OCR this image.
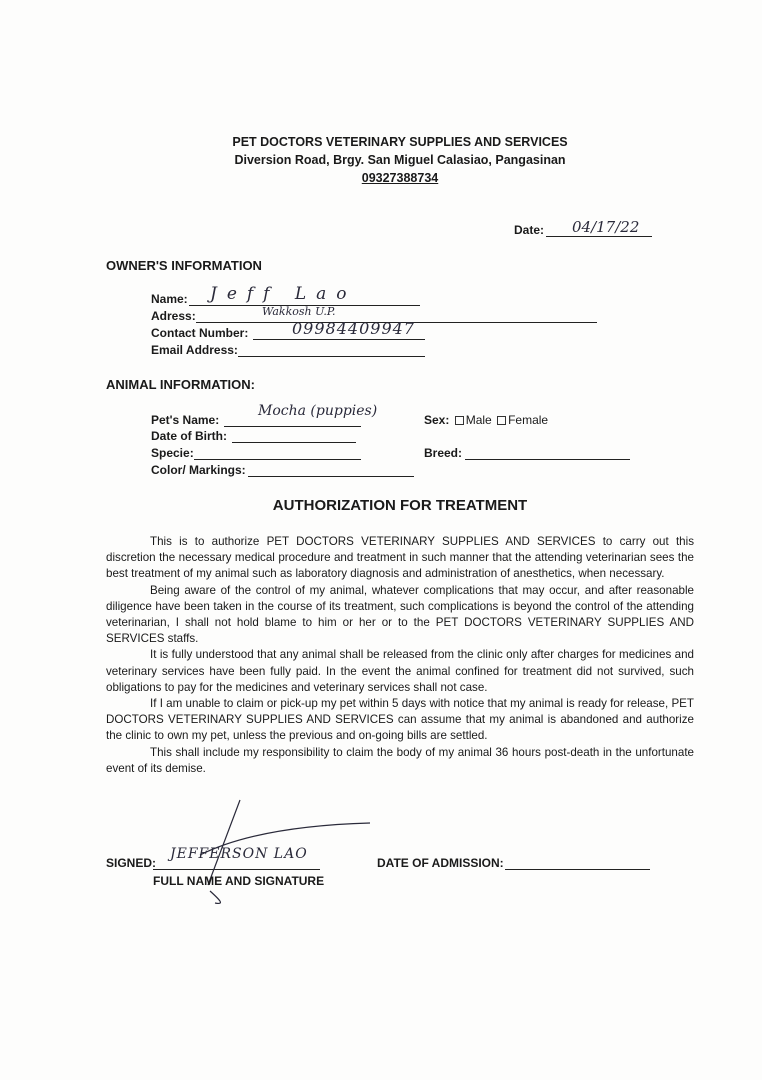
PET DOCTORS VETERINARY SUPPLIES AND SERVICES
Diversion Road, Brgy. San Miguel Calasiao, Pangasinan
09327388734
Date: 04/17/22
OWNER'S INFORMATION
Name: Jeff Lao
Adress:	Wakkosh U.P.
Contact Number:	09984409947
Email Address:
ANIMAL INFORMATION:
Pet's Name:
Mocha (puppies)
Sex: Male Female
Date of Birth:
Specie:	Breed:
Color/ Markings:
AUTHORIZATION FOR TREATMENT

This is to authorize PET DOCTORS VETERINARY SUPPLIES AND SERVICES to carry out this discretion the necessary medical procedure and treatment in such manner that the attending veterinarian sees the best treatment of my animal such as laboratory diagnosis and administration of anesthetics, when necessary.

Being aware of the control of my animal, whatever complications that may occur, and after reasonable diligence have been taken in the course of its treatment, such complications is beyond the control of the attending veterinarian, I shall not hold blame to him or her or to the PET DOCTORS VETERINARY SUPPLIES AND SERVICES staffs.

It is fully understood that any animal shall be released from the clinic only after charges for medicines and veterinary services have been fully paid. In the event the animal confined for treatment did not survived, such obligations to pay for the medicines and veterinary services shall not case.

If I am unable to claim or pick-up my pet within 5 days with notice that my animal is ready for release, PET DOCTORS VETERINARY SUPPLIES AND SERVICES can assume that my animal is abandoned and authorize the clinic to own my pet, unless the previous and on-going bills are settled.

This shall include my responsibility to claim the body of my animal 36 hours post-death in the unfortunate event of its demise.

SIGNED:
JEFFERSON LAO
FULL NAME AND SIGNATURE
DATE OF ADMISSION:
